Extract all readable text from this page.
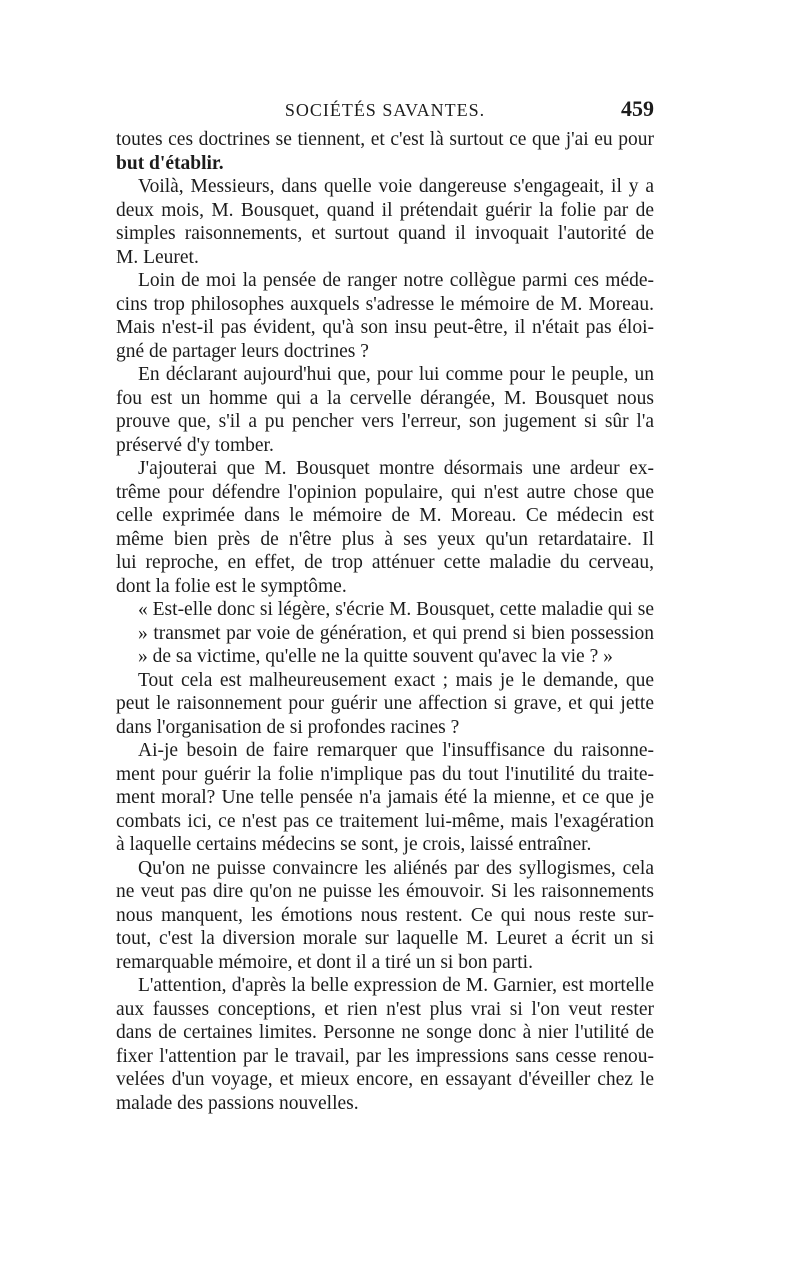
SOCIÉTÉS SAVANTES.	459
toutes ces doctrines se tiennent, et c'est là surtout ce que j'ai eu pour
but d'établir.
Voilà, Messieurs, dans quelle voie dangereuse s'engageait, il y a
deux mois, M. Bousquet, quand il prétendait guérir la folie par de
simples raisonnements, et surtout quand il invoquait l'autorité de
M. Leuret.
Loin de moi la pensée de ranger notre collègue parmi ces méde-
cins trop philosophes auxquels s'adresse le mémoire de M. Moreau.
Mais n'est-il pas évident, qu'à son insu peut-être, il n'était pas éloi-
gné de partager leurs doctrines ?
En déclarant aujourd'hui que, pour lui comme pour le peuple, un
fou est un homme qui a la cervelle dérangée, M. Bousquet nous
prouve que, s'il a pu pencher vers l'erreur, son jugement si sûr l'a
préservé d'y tomber.
J'ajouterai que M. Bousquet montre désormais une ardeur ex-
trême pour défendre l'opinion populaire, qui n'est autre chose que
celle exprimée dans le mémoire de M. Moreau. Ce médecin est
même bien près de n'être plus à ses yeux qu'un retardataire. Il
lui reproche, en effet, de trop atténuer cette maladie du cerveau,
dont la folie est le symptôme.
« Est-elle donc si légère, s'écrie M. Bousquet, cette maladie qui se
» transmet par voie de génération, et qui prend si bien possession
» de sa victime, qu'elle ne la quitte souvent qu'avec la vie ? »
Tout cela est malheureusement exact ; mais je le demande, que
peut le raisonnement pour guérir une affection si grave, et qui jette
dans l'organisation de si profondes racines ?
Ai-je besoin de faire remarquer que l'insuffisance du raisonne-
ment pour guérir la folie n'implique pas du tout l'inutilité du traite-
ment moral? Une telle pensée n'a jamais été la mienne, et ce que je
combats ici, ce n'est pas ce traitement lui-même, mais l'exagération
à laquelle certains médecins se sont, je crois, laissé entraîner.
Qu'on ne puisse convaincre les aliénés par des syllogismes, cela
ne veut pas dire qu'on ne puisse les émouvoir. Si les raisonnements
nous manquent, les émotions nous restent. Ce qui nous reste sur-
tout, c'est la diversion morale sur laquelle M. Leuret a écrit un si
remarquable mémoire, et dont il a tiré un si bon parti.
L'attention, d'après la belle expression de M. Garnier, est mortelle
aux fausses conceptions, et rien n'est plus vrai si l'on veut rester
dans de certaines limites. Personne ne songe donc à nier l'utilité de
fixer l'attention par le travail, par les impressions sans cesse renou-
velées d'un voyage, et mieux encore, en essayant d'éveiller chez le
malade des passions nouvelles.
